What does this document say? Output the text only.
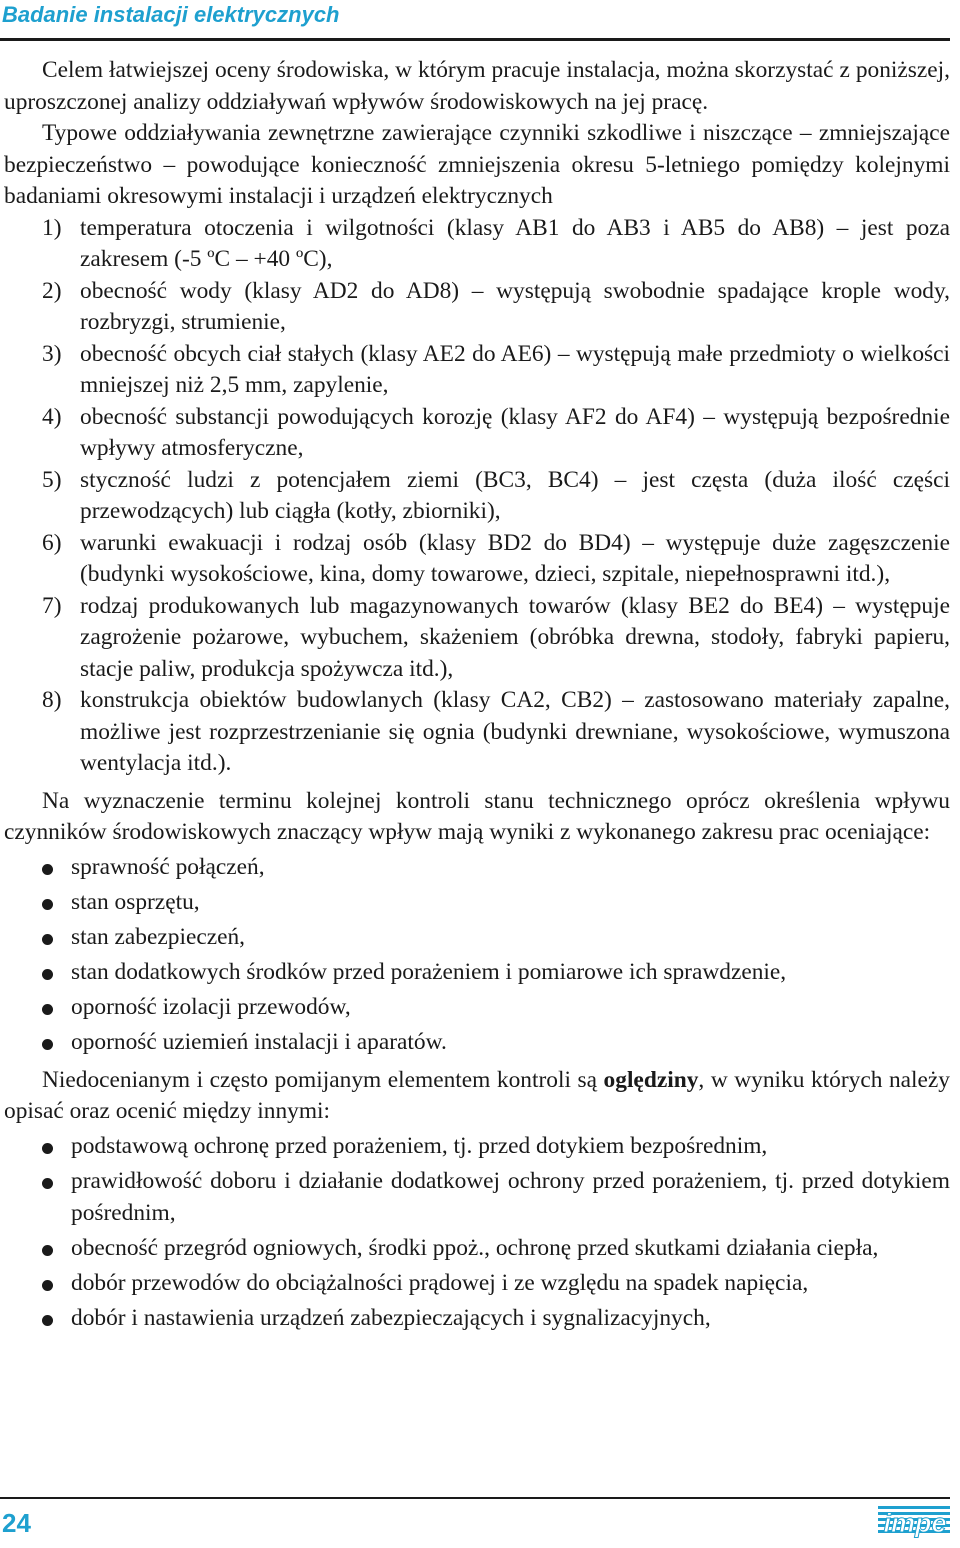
Badanie instalacji elektrycznych

Celem łatwiejszej oceny środowiska, w którym pracuje instalacja, można skorzystać z poniższej, uproszczonej analizy oddziaływań wpływów środowiskowych na jej pracę.

Typowe oddziaływania zewnętrzne zawierające czynniki szkodliwe i niszczące – zmniejszające bezpieczeństwo – powodujące konieczność zmniejszenia okresu 5-letniego pomiędzy kolejnymi badaniami okresowymi instalacji i urządzeń elektrycznych

1) temperatura otoczenia i wilgotności (klasy AB1 do AB3 i AB5 do AB8) – jest poza zakresem (-5 ºC – +40 ºC),
2) obecność wody (klasy AD2 do AD8) – występują swobodnie spadające krople wody, rozbryzgi, strumienie,
3) obecność obcych ciał stałych (klasy AE2 do AE6) – występują małe przedmioty o wielkości mniejszej niż 2,5 mm, zapylenie,
4) obecność substancji powodujących korozję (klasy AF2 do AF4) – występują bezpośrednie wpływy atmosferyczne,
5) styczność ludzi z potencjałem ziemi (BC3, BC4) – jest częsta (duża ilość części przewodzących) lub ciągła (kotły, zbiorniki),
6) warunki ewakuacji i rodzaj osób (klasy BD2 do BD4) – występuje duże zagęszczenie (budynki wysokościowe, kina, domy towarowe, dzieci, szpitale, niepełnosprawni itd.),
7) rodzaj produkowanych lub magazynowanych towarów (klasy BE2 do BE4) – występuje zagrożenie pożarowe, wybuchem, skażeniem (obróbka drewna, stodoły, fabryki papieru, stacje paliw, produkcja spożywcza itd.),
8) konstrukcja obiektów budowlanych (klasy CA2, CB2) – zastosowano materiały zapalne, możliwe jest rozprzestrzenianie się ognia (budynki drewniane, wysokościowe, wymuszona wentylacja itd.).

Na wyznaczenie terminu kolejnej kontroli stanu technicznego oprócz określenia wpływu czynników środowiskowych znaczący wpływ mają wyniki z wykonanego zakresu prac oceniające:

sprawność połączeń,
stan osprzętu,
stan zabezpieczeń,
stan dodatkowych środków przed porażeniem i pomiarowe ich sprawdzenie,
oporność izolacji przewodów,
oporność uziemień instalacji i aparatów.

Niedocenianym i często pomijanym elementem kontroli są oględziny, w wyniku których należy opisać oraz ocenić między innymi:

podstawową ochronę przed porażeniem, tj. przed dotykiem bezpośrednim,
prawidłowość doboru i działanie dodatkowej ochrony przed porażeniem, tj. przed dotykiem pośrednim,
obecność przegród ogniowych, środki ppoż., ochronę przed skutkami działania ciepła,
dobór przewodów do obciążalności prądowej i ze względu na spadek napięcia,
dobór i nastawienia urządzeń zabezpieczających i sygnalizacyjnych,
24	impe
